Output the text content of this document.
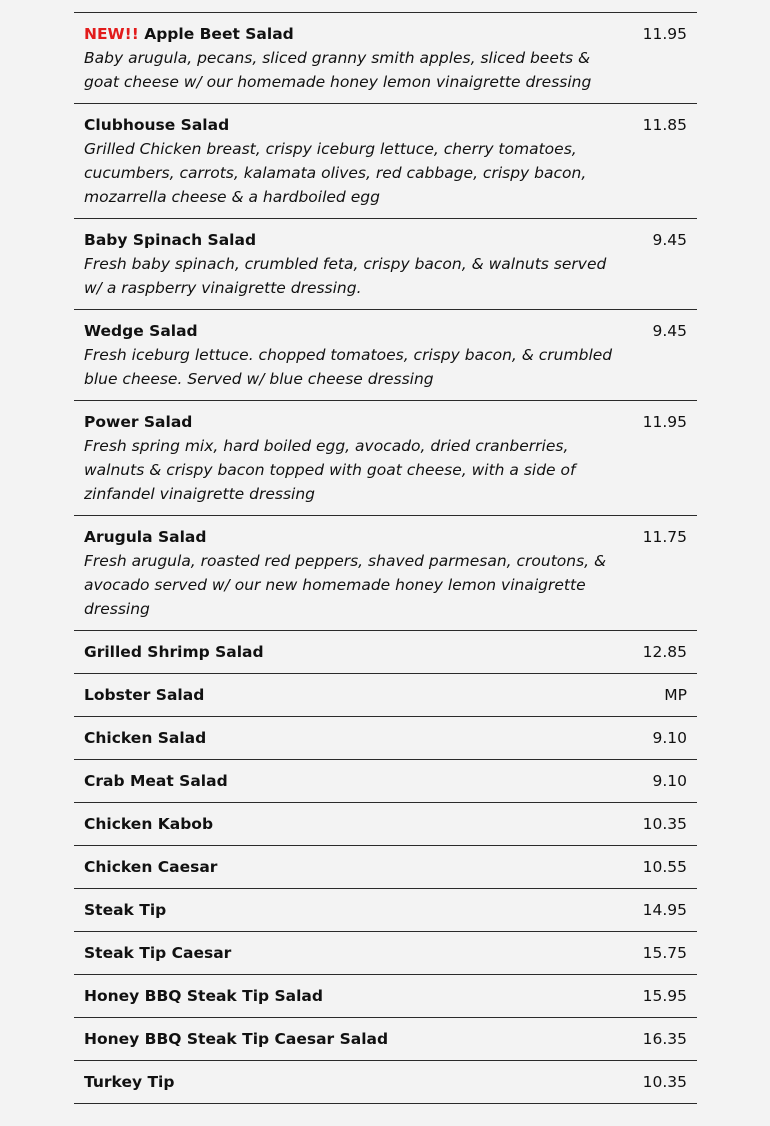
NEW!! Apple Beet Salad
Baby arugula, pecans, sliced granny smith apples, sliced beets & goat cheese w/ our homemade honey lemon vinaigrette dressing
11.95
Clubhouse Salad
Grilled Chicken breast, crispy iceburg lettuce, cherry tomatoes, cucumbers, carrots, kalamata olives, red cabbage, crispy bacon, mozarrella cheese & a hardboiled egg
11.85
Baby Spinach Salad
Fresh baby spinach, crumbled feta, crispy bacon, & walnuts served w/ a raspberry vinaigrette dressing.
9.45
Wedge Salad
Fresh iceburg lettuce. chopped tomatoes, crispy bacon, & crumbled blue cheese. Served w/ blue cheese dressing
9.45
Power Salad
Fresh spring mix, hard boiled egg, avocado, dried cranberries, walnuts & crispy bacon topped with goat cheese, with a side of zinfandel vinaigrette dressing
11.95
Arugula Salad
Fresh arugula, roasted red peppers, shaved parmesan, croutons, & avocado served w/ our new homemade honey lemon vinaigrette dressing
11.75
Grilled Shrimp Salad	12.85
Lobster Salad	MP
Chicken Salad	9.10
Crab Meat Salad	9.10
Chicken Kabob	10.35
Chicken Caesar	10.55
Steak Tip	14.95
Steak Tip Caesar	15.75
Honey BBQ Steak Tip Salad	15.95
Honey BBQ Steak Tip Caesar Salad	16.35
Turkey Tip	10.35
